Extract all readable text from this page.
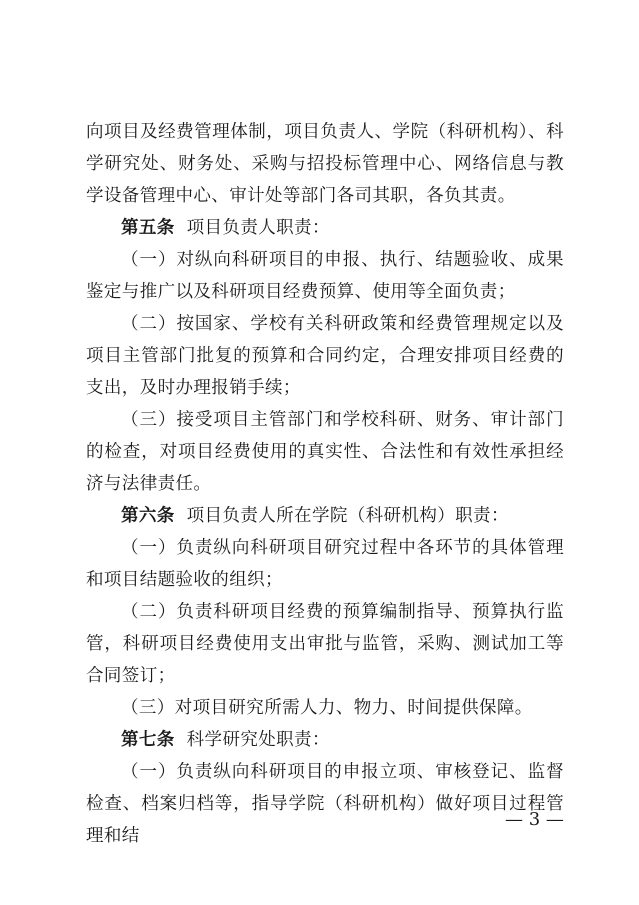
向项目及经费管理体制，项目负责人、学院（科研机构）、科学研究处、财务处、采购与招投标管理中心、网络信息与教学设备管理中心、审计处等部门各司其职，各负其责。

第五条 项目负责人职责：

（一）对纵向科研项目的申报、执行、结题验收、成果鉴定与推广以及科研项目经费预算、使用等全面负责；

（二）按国家、学校有关科研政策和经费管理规定以及项目主管部门批复的预算和合同约定，合理安排项目经费的支出，及时办理报销手续；

（三）接受项目主管部门和学校科研、财务、审计部门的检查，对项目经费使用的真实性、合法性和有效性承担经济与法律责任。

第六条 项目负责人所在学院（科研机构）职责：

（一）负责纵向科研项目研究过程中各环节的具体管理和项目结题验收的组织；

（二）负责科研项目经费的预算编制指导、预算执行监管，科研项目经费使用支出审批与监管，采购、测试加工等合同签订；

（三）对项目研究所需人力、物力、时间提供保障。

第七条 科学研究处职责：

（一）负责纵向科研项目的申报立项、审核登记、监督检查、档案归档等，指导学院（科研机构）做好项目过程管理和结

— 3 —
